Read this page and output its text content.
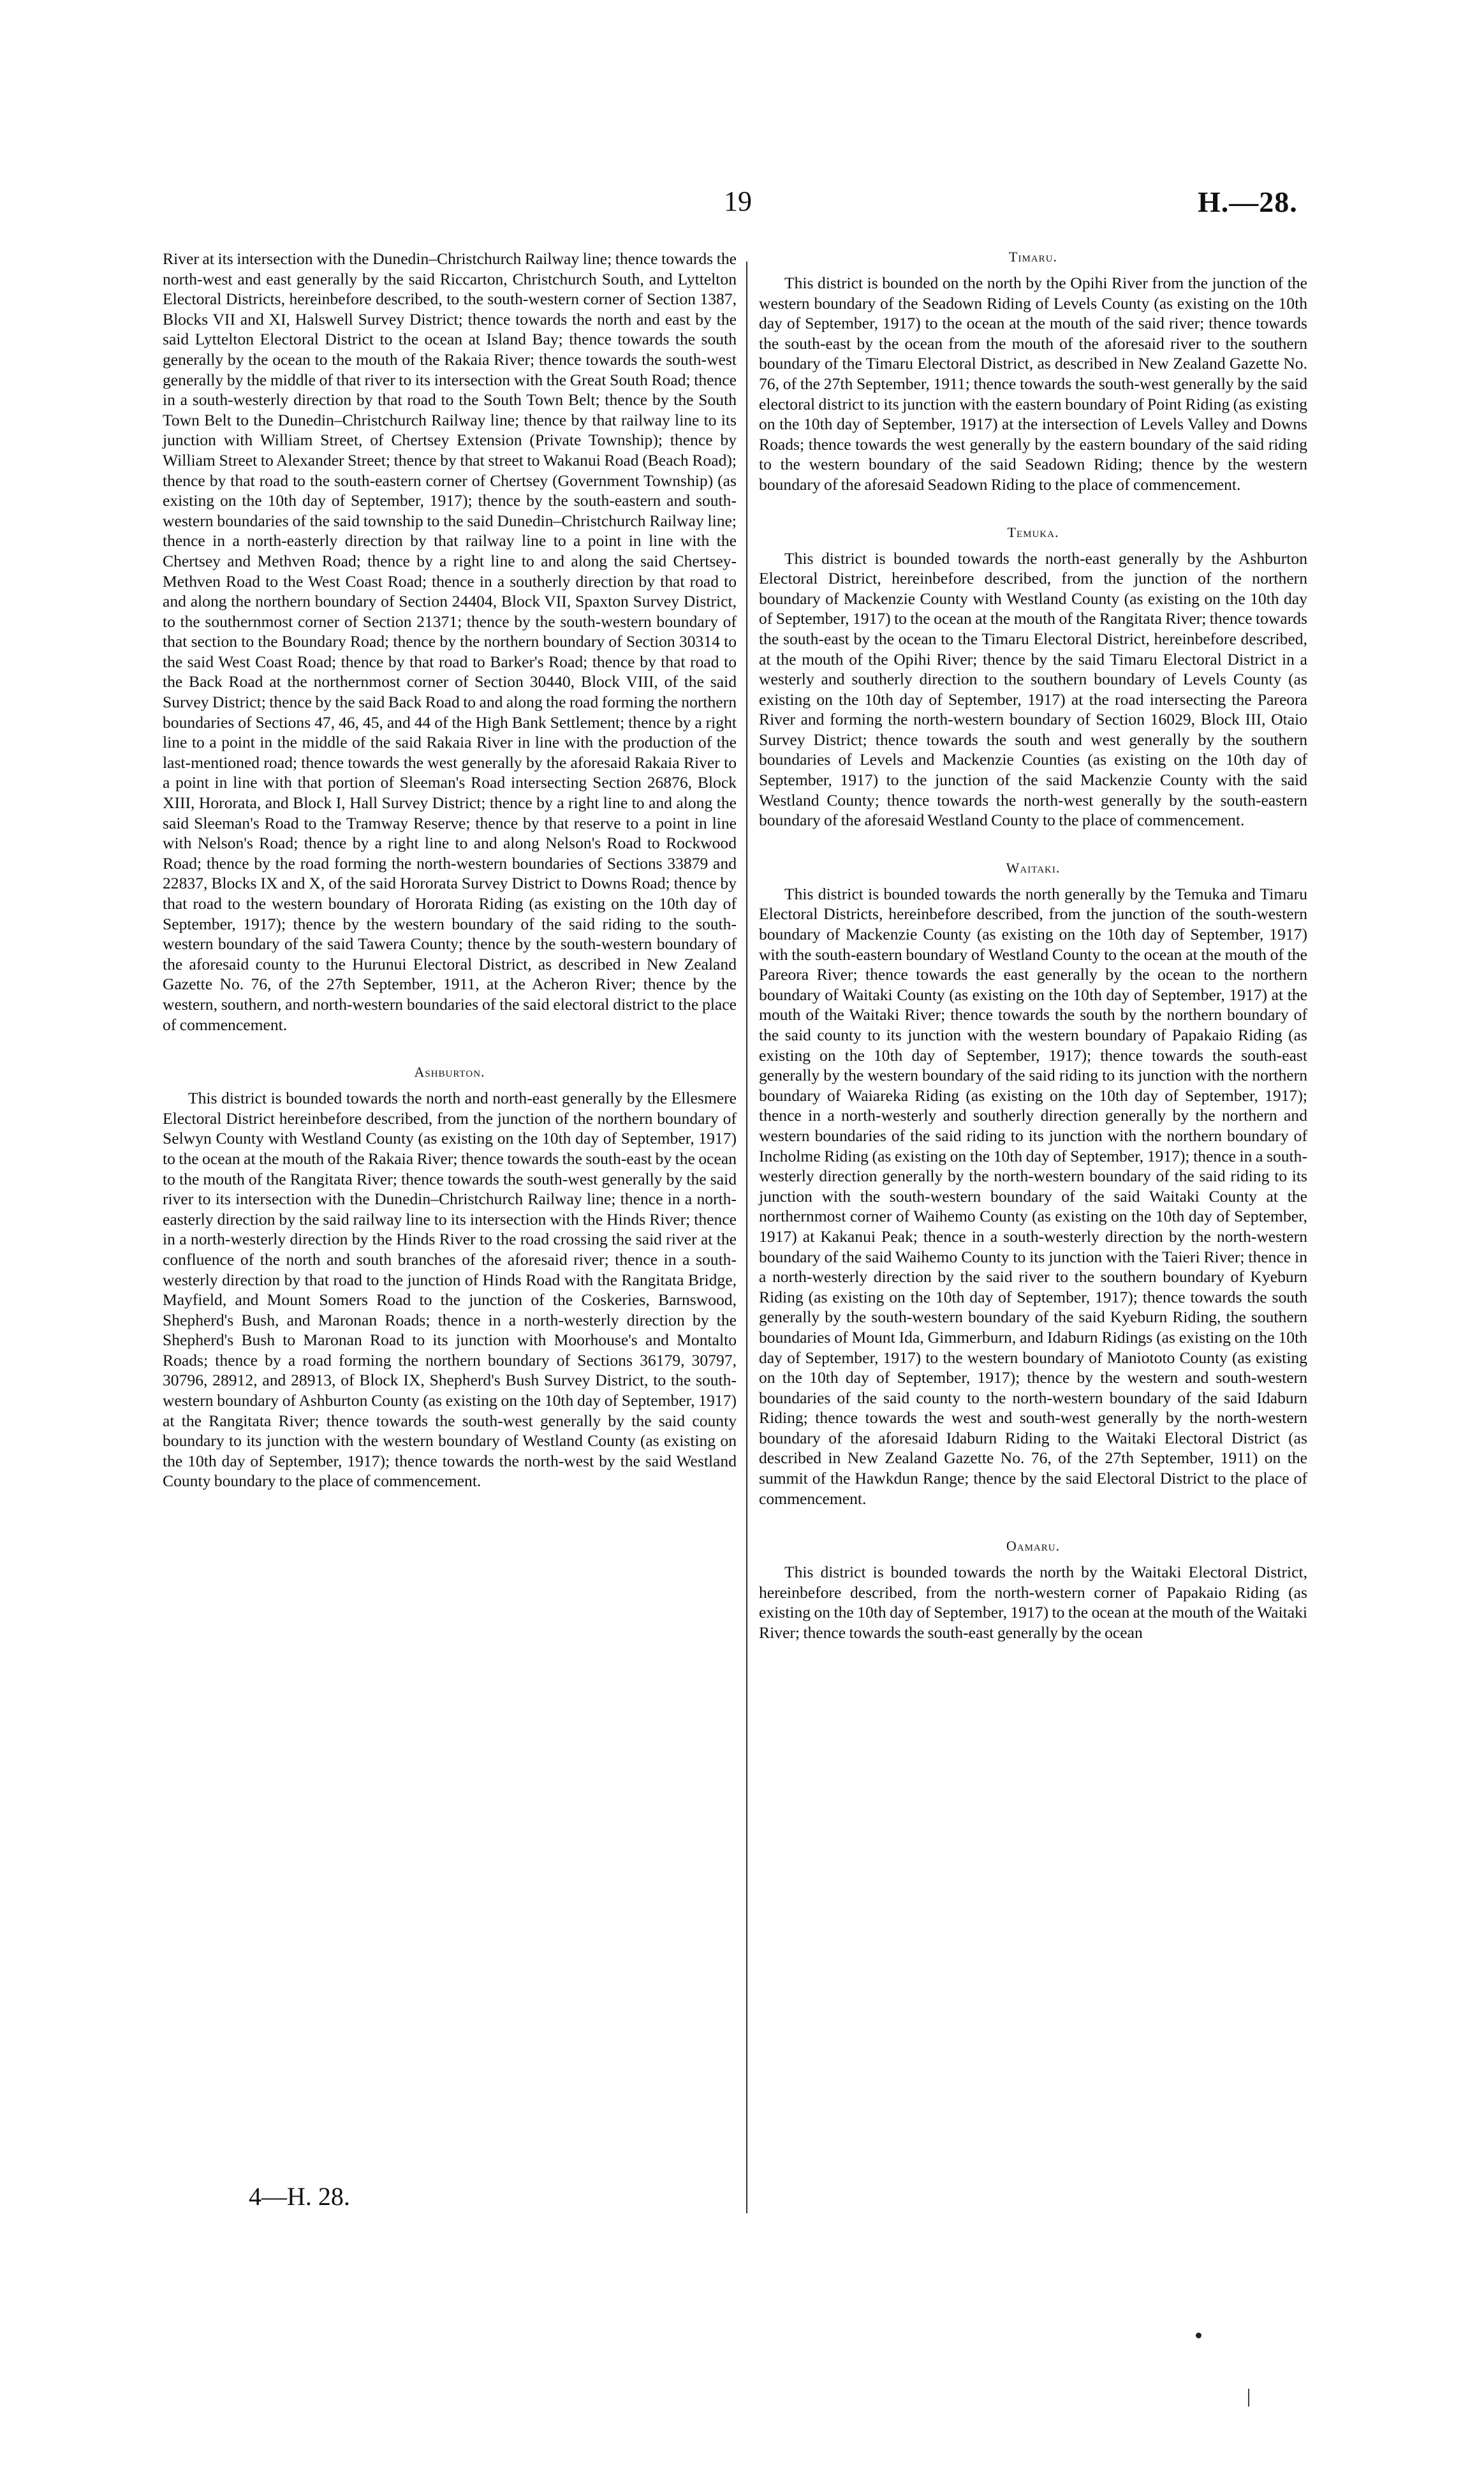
19	H.—28.

River at its intersection with the Dunedin–Christchurch Railway line; thence towards the north-west and east generally by the said Riccarton, Christchurch South, and Lyttelton Electoral Districts, hereinbefore described, to the south-western corner of Section 1387, Blocks VII and XI, Halswell Survey District; thence towards the north and east by the said Lyttelton Electoral District to the ocean at Island Bay; thence towards the south generally by the ocean to the mouth of the Rakaia River; thence towards the south-west generally by the middle of that river to its intersection with the Great South Road; thence in a south-westerly direction by that road to the South Town Belt; thence by the South Town Belt to the Dunedin–Christchurch Railway line; thence by that railway line to its junction with William Street, of Chertsey Extension (Private Township); thence by William Street to Alexander Street; thence by that street to Wakanui Road (Beach Road); thence by that road to the south-eastern corner of Chertsey (Government Township) (as existing on the 10th day of September, 1917); thence by the south-eastern and south-western boundaries of the said township to the said Dunedin–Christchurch Railway line; thence in a north-easterly direction by that railway line to a point in line with the Chertsey and Methven Road; thence by a right line to and along the said Chertsey-Methven Road to the West Coast Road; thence in a southerly direction by that road to and along the northern boundary of Section 24404, Block VII, Spaxton Survey District, to the southernmost corner of Section 21371; thence by the south-western boundary of that section to the Boundary Road; thence by the northern boundary of Section 30314 to the said West Coast Road; thence by that road to Barker's Road; thence by that road to the Back Road at the northernmost corner of Section 30440, Block VIII, of the said Survey District; thence by the said Back Road to and along the road forming the northern boundaries of Sections 47, 46, 45, and 44 of the High Bank Settlement; thence by a right line to a point in the middle of the said Rakaia River in line with the production of the last-mentioned road; thence towards the west generally by the aforesaid Rakaia River to a point in line with that portion of Sleeman's Road intersecting Section 26876, Block XIII, Hororata, and Block I, Hall Survey District; thence by a right line to and along the said Sleeman's Road to the Tramway Reserve; thence by that reserve to a point in line with Nelson's Road; thence by a right line to and along Nelson's Road to Rockwood Road; thence by the road forming the north-western boundaries of Sections 33879 and 22837, Blocks IX and X, of the said Hororata Survey District to Downs Road; thence by that road to the western boundary of Hororata Riding (as existing on the 10th day of September, 1917); thence by the western boundary of the said riding to the south-western boundary of the said Tawera County; thence by the south-western boundary of the aforesaid county to the Hurunui Electoral District, as described in New Zealand Gazette No. 76, of the 27th September, 1911, at the Acheron River; thence by the western, southern, and north-western boundaries of the said electoral district to the place of commencement.

Ashburton.

This district is bounded towards the north and north-east generally by the Ellesmere Electoral District hereinbefore described, from the junction of the northern boundary of Selwyn County with Westland County (as existing on the 10th day of September, 1917) to the ocean at the mouth of the Rakaia River; thence towards the south-east by the ocean to the mouth of the Rangitata River; thence towards the south-west generally by the said river to its intersection with the Dunedin–Christchurch Railway line; thence in a north-easterly direction by the said railway line to its intersection with the Hinds River; thence in a north-westerly direction by the Hinds River to the road crossing the said river at the confluence of the north and south branches of the aforesaid river; thence in a south-westerly direction by that road to the junction of Hinds Road with the Rangitata Bridge, Mayfield, and Mount Somers Road to the junction of the Coskeries, Barnswood, Shepherd's Bush, and Maronan Roads; thence in a north-westerly direction by the Shepherd's Bush to Maronan Road to its junction with Moorhouse's and Montalto Roads; thence by a road forming the northern boundary of Sections 36179, 30797, 30796, 28912, and 28913, of Block IX, Shepherd's Bush Survey District, to the south-western boundary of Ashburton County (as existing on the 10th day of September, 1917) at the Rangitata River; thence towards the south-west generally by the said county boundary to its junction with the western boundary of Westland County (as existing on the 10th day of September, 1917); thence towards the north-west by the said Westland County boundary to the place of commencement.

Timaru.

This district is bounded on the north by the Opihi River from the junction of the western boundary of the Seadown Riding of Levels County (as existing on the 10th day of September, 1917) to the ocean at the mouth of the said river; thence towards the south-east by the ocean from the mouth of the aforesaid river to the southern boundary of the Timaru Electoral District, as described in New Zealand Gazette No. 76, of the 27th September, 1911; thence towards the south-west generally by the said electoral district to its junction with the eastern boundary of Point Riding (as existing on the 10th day of September, 1917) at the intersection of Levels Valley and Downs Roads; thence towards the west generally by the eastern boundary of the said riding to the western boundary of the said Seadown Riding; thence by the western boundary of the aforesaid Seadown Riding to the place of commencement.

Temuka.

This district is bounded towards the north-east generally by the Ashburton Electoral District, hereinbefore described, from the junction of the northern boundary of Mackenzie County with Westland County (as existing on the 10th day of September, 1917) to the ocean at the mouth of the Rangitata River; thence towards the south-east by the ocean to the Timaru Electoral District, hereinbefore described, at the mouth of the Opihi River; thence by the said Timaru Electoral District in a westerly and southerly direction to the southern boundary of Levels County (as existing on the 10th day of September, 1917) at the road intersecting the Pareora River and forming the north-western boundary of Section 16029, Block III, Otaio Survey District; thence towards the south and west generally by the southern boundaries of Levels and Mackenzie Counties (as existing on the 10th day of September, 1917) to the junction of the said Mackenzie County with the said Westland County; thence towards the north-west generally by the south-eastern boundary of the aforesaid Westland County to the place of commencement.

Waitaki.

This district is bounded towards the north generally by the Temuka and Timaru Electoral Districts, hereinbefore described, from the junction of the south-western boundary of Mackenzie County (as existing on the 10th day of September, 1917) with the south-eastern boundary of Westland County to the ocean at the mouth of the Pareora River; thence towards the east generally by the ocean to the northern boundary of Waitaki County (as existing on the 10th day of September, 1917) at the mouth of the Waitaki River; thence towards the south by the northern boundary of the said county to its junction with the western boundary of Papakaio Riding (as existing on the 10th day of September, 1917); thence towards the south-east generally by the western boundary of the said riding to its junction with the northern boundary of Waiareka Riding (as existing on the 10th day of September, 1917); thence in a north-westerly and southerly direction generally by the northern and western boundaries of the said riding to its junction with the northern boundary of Incholme Riding (as existing on the 10th day of September, 1917); thence in a south-westerly direction generally by the north-western boundary of the said riding to its junction with the south-western boundary of the said Waitaki County at the northernmost corner of Waihemo County (as existing on the 10th day of September, 1917) at Kakanui Peak; thence in a south-westerly direction by the north-western boundary of the said Waihemo County to its junction with the Taieri River; thence in a north-westerly direction by the said river to the southern boundary of Kyeburn Riding (as existing on the 10th day of September, 1917); thence towards the south generally by the south-western boundary of the said Kyeburn Riding, the southern boundaries of Mount Ida, Gimmerburn, and Idaburn Ridings (as existing on the 10th day of September, 1917) to the western boundary of Maniototo County (as existing on the 10th day of September, 1917); thence by the western and south-western boundaries of the said county to the north-western boundary of the said Idaburn Riding; thence towards the west and south-west generally by the north-western boundary of the aforesaid Idaburn Riding to the Waitaki Electoral District (as described in New Zealand Gazette No. 76, of the 27th September, 1911) on the summit of the Hawkdun Range; thence by the said Electoral District to the place of commencement.

Oamaru.

This district is bounded towards the north by the Waitaki Electoral District, hereinbefore described, from the north-western corner of Papakaio Riding (as existing on the 10th day of September, 1917) to the ocean at the mouth of the Waitaki River; thence towards the south-east generally by the ocean

4—H. 28.
